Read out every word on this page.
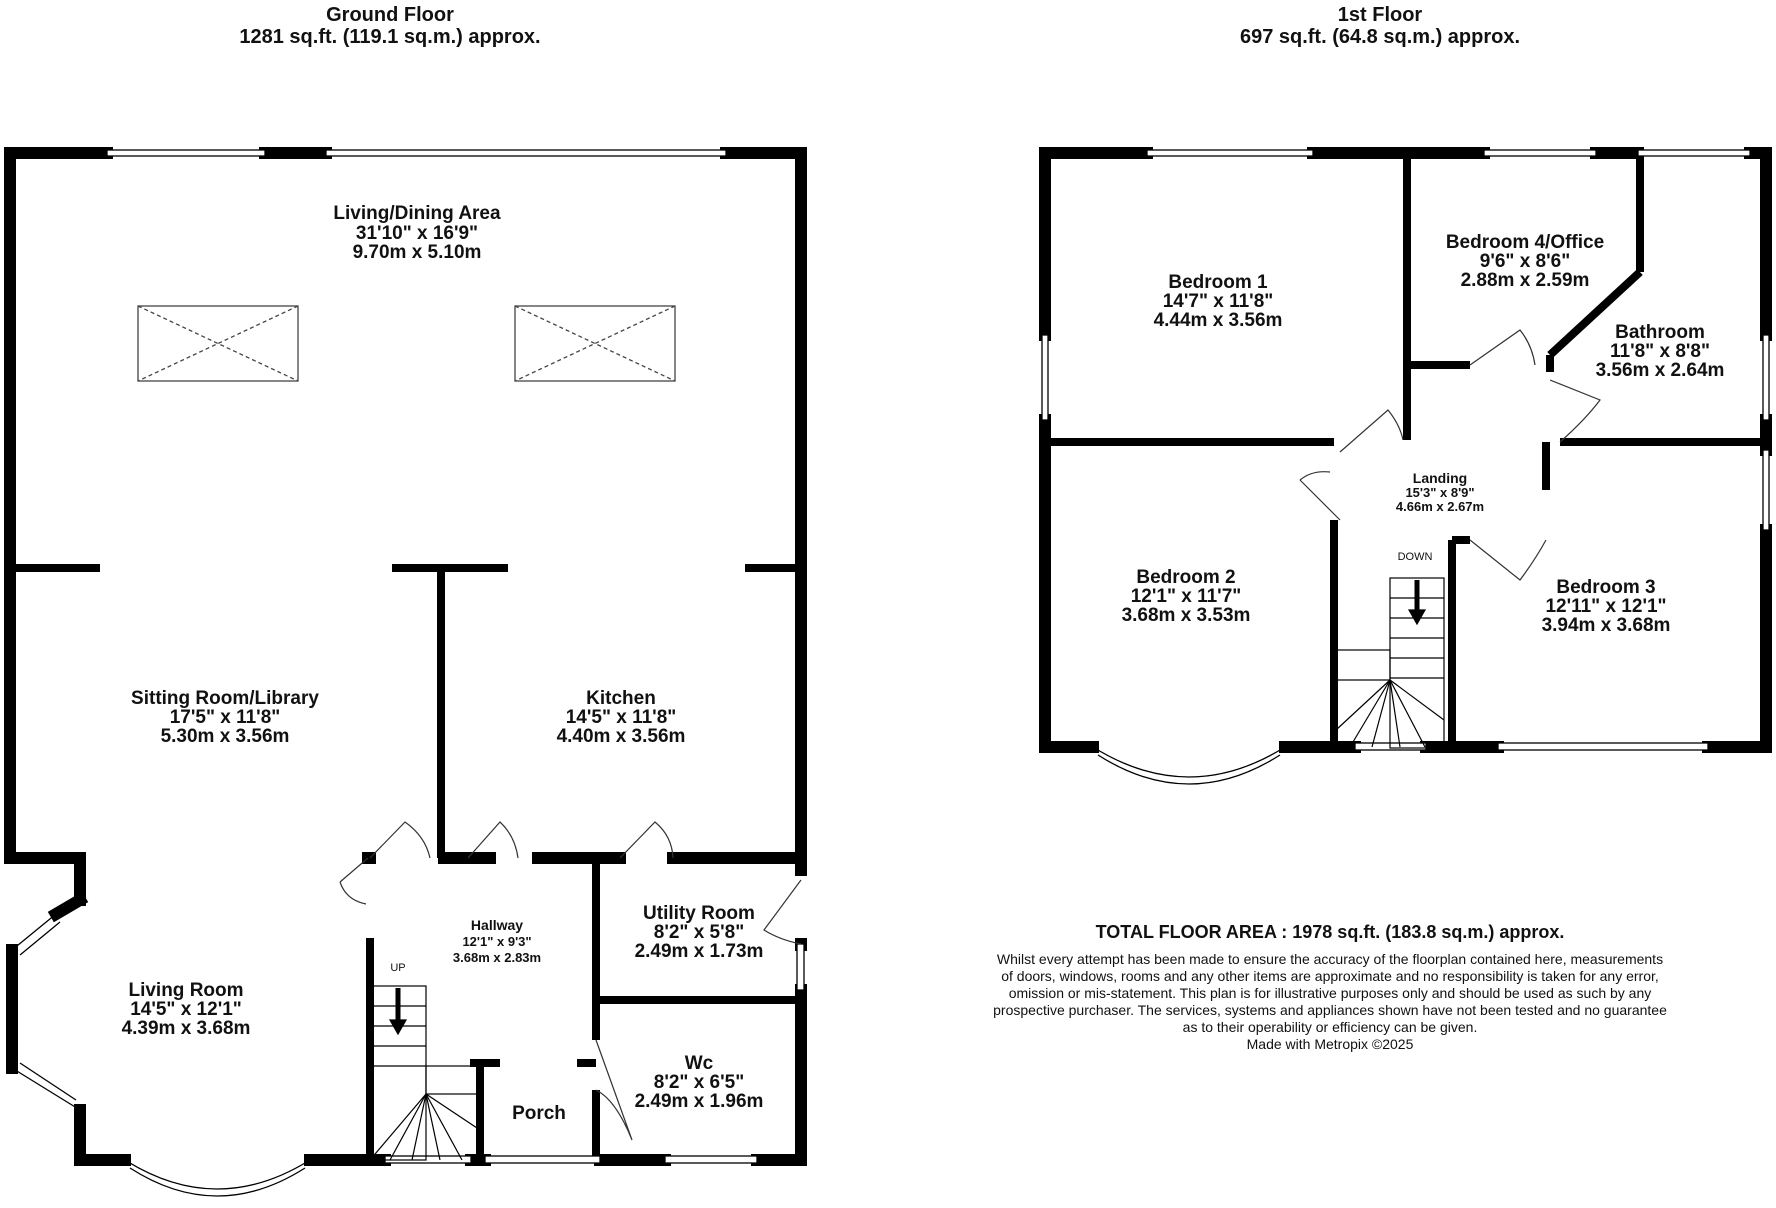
Ground Floor
1281 sq.ft. (119.1 sq.m.) approx.
1st Floor
697 sq.ft. (64.8 sq.m.) approx.
Living/Dining Area
31'10" x 16'9"
9.70m x 5.10m
Sitting Room/Library
17'5" x 11'8"
5.30m x 3.56m
Kitchen
14'5" x 11'8"
4.40m x 3.56m
Living Room
14'5" x 12'1"
4.39m x 3.68m
Hallway
12'1" x 9'3"
3.68m x 2.83m
Utility Room
8'2" x 5'8"
2.49m x 1.73m
Wc
8'2" x 6'5"
2.49m x 1.96m
Porch
UP
Bedroom 1
14'7" x 11'8"
4.44m x 3.56m
Bedroom 4/Office
9'6" x 8'6"
2.88m x 2.59m
Bathroom
11'8" x 8'8"
3.56m x 2.64m
Landing
15'3" x 8'9"
4.66m x 2.67m
Bedroom 2
12'1" x 11'7"
3.68m x 3.53m
Bedroom 3
12'11" x 12'1"
3.94m x 3.68m
DOWN
TOTAL FLOOR AREA : 1978 sq.ft. (183.8 sq.m.) approx.
Whilst every attempt has been made to ensure the accuracy of the floorplan contained here, measurements
of doors, windows, rooms and any other items are approximate and no responsibility is taken for any error,
omission or mis-statement. This plan is for illustrative purposes only and should be used as such by any
prospective purchaser. The services, systems and appliances shown have not been tested and no guarantee
as to their operability or efficiency can be given.
Made with Metropix ©2025
